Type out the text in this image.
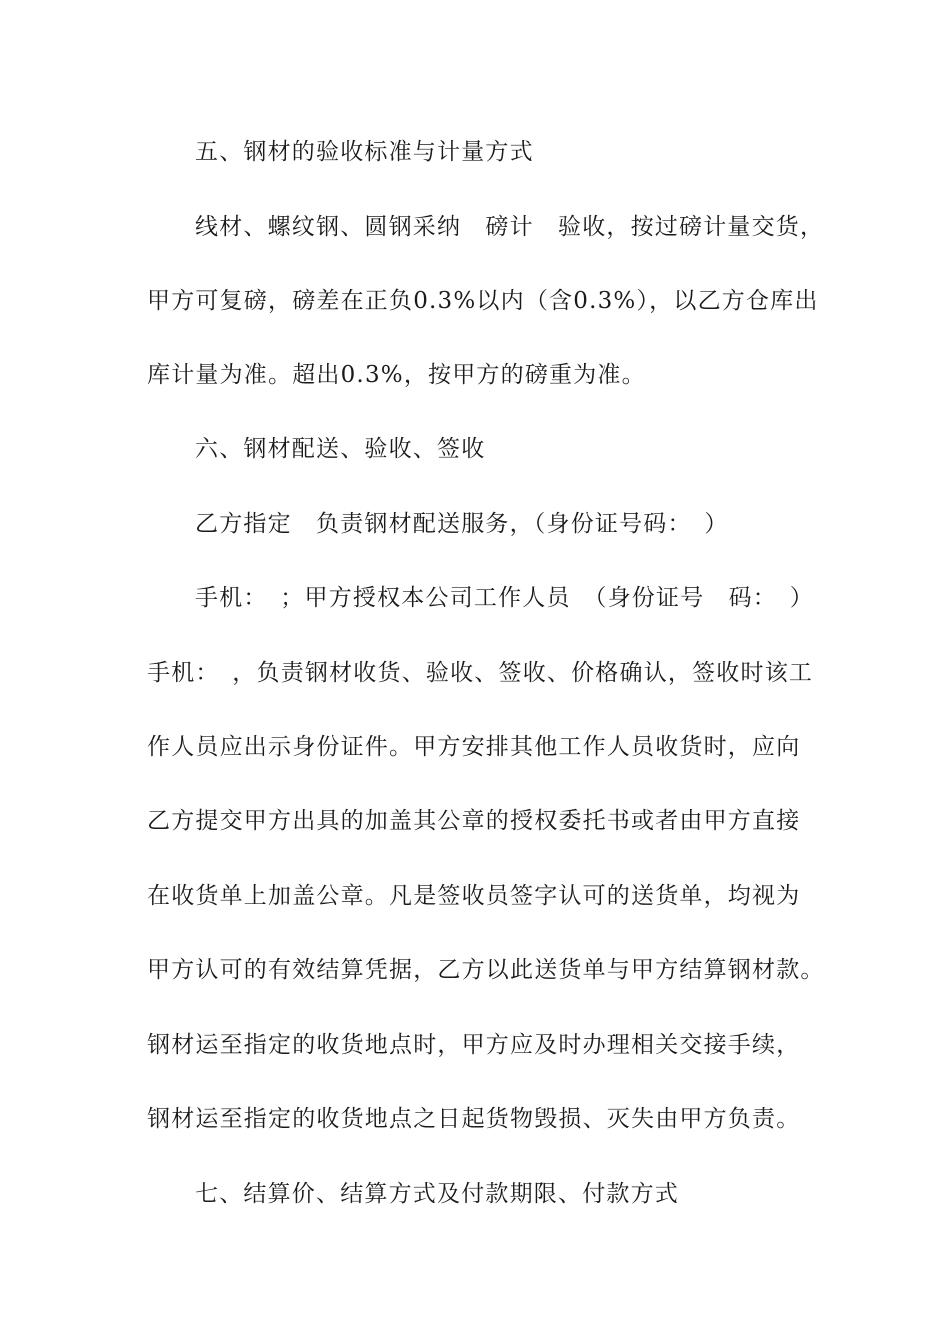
五、钢材的验收标准与计量方式
线材、螺纹钢、圆钢采纳　磅计　验收，按过磅计量交货，
甲方可复磅，磅差在正负0.3%以内（含0.3%），以乙方仓库出
库计量为准。超出0.3%，按甲方的磅重为准。
六、钢材配送、验收、签收
乙方指定　负责钢材配送服务，（身份证号码：　）
手机：　；甲方授权本公司工作人员　（身份证号　码：　）
手机：　，负责钢材收货、验收、签收、价格确认，签收时该工
作人员应出示身份证件。甲方安排其他工作人员收货时，应向
乙方提交甲方出具的加盖其公章的授权委托书或者由甲方直接
在收货单上加盖公章。凡是签收员签字认可的送货单，均视为
甲方认可的有效结算凭据，乙方以此送货单与甲方结算钢材款。
钢材运至指定的收货地点时，甲方应及时办理相关交接手续，
钢材运至指定的收货地点之日起货物毁损、灭失由甲方负责。
七、结算价、结算方式及付款期限、付款方式
